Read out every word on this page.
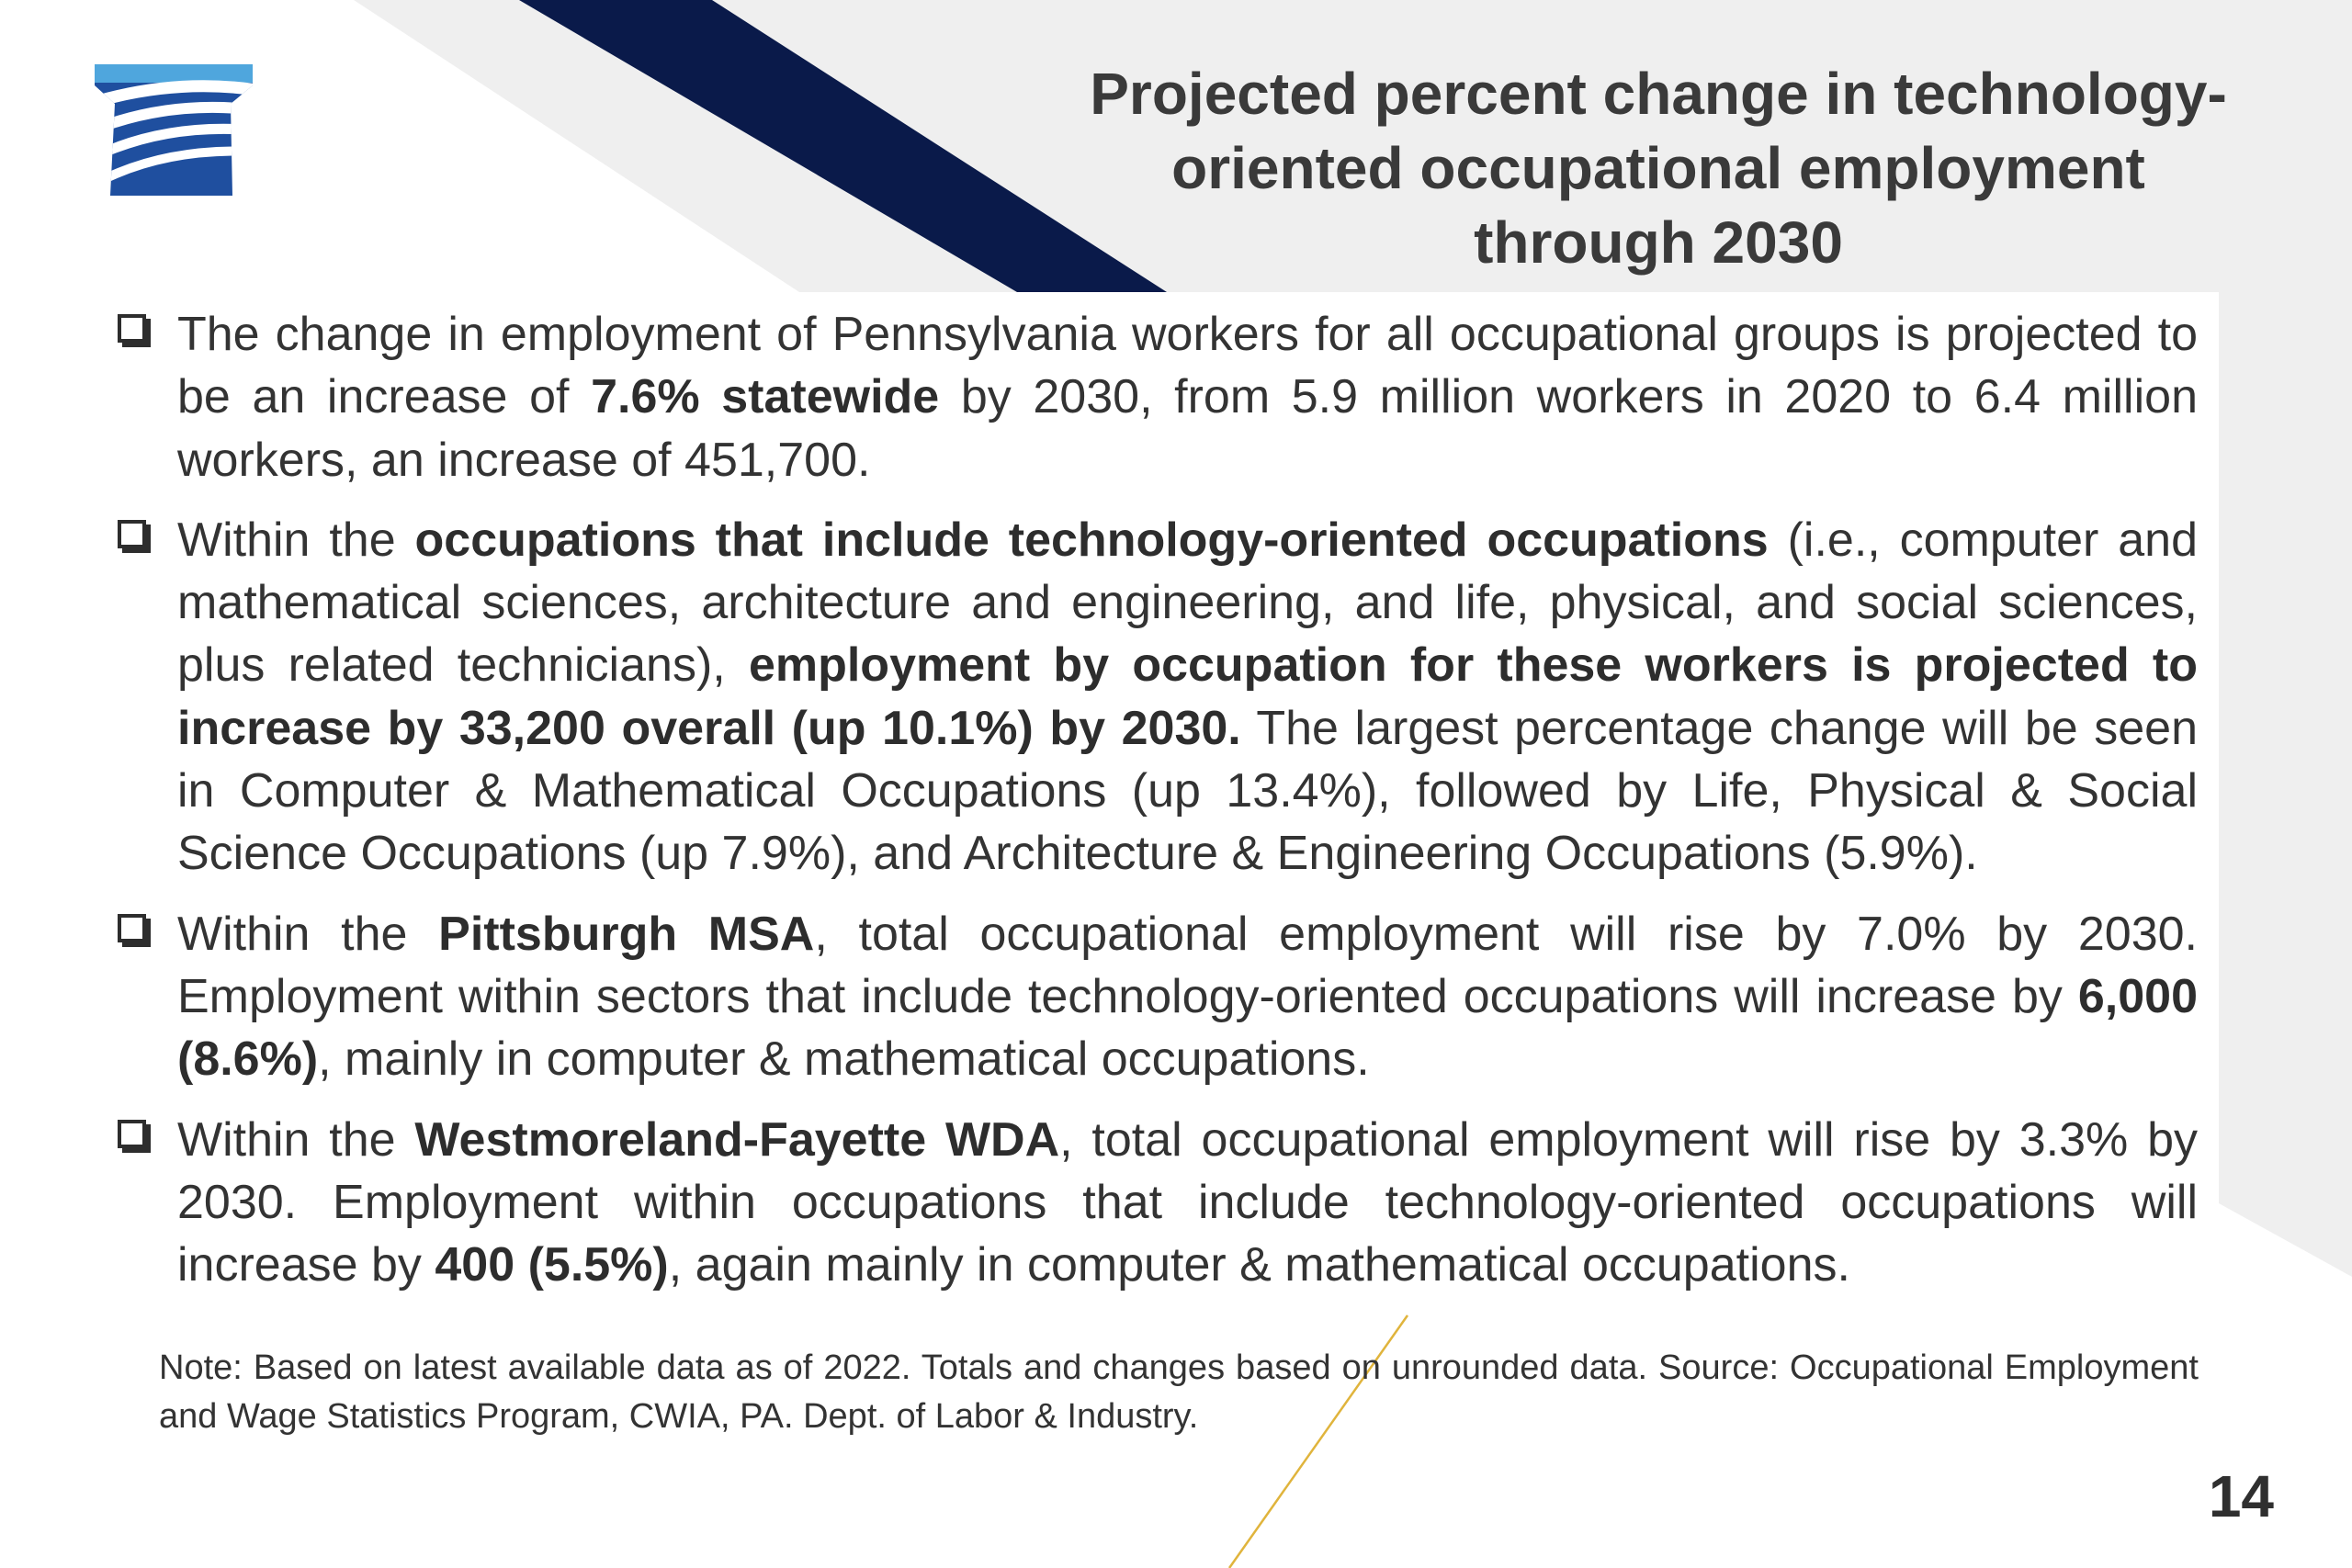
Projected percent change in technology-
oriented occupational employment
through 2030
The change in employment of Pennsylvania workers for all occupational groups is projected to be an increase of 7.6% statewide by 2030, from 5.9 million workers in 2020 to 6.4 million workers, an increase of 451,700.
Within the occupations that include technology-oriented occupations (i.e., computer and mathematical sciences, architecture and engineering, and life, physical, and social sciences, plus related technicians), employment by occupation for these workers is projected to increase by 33,200 overall (up 10.1%) by 2030. The largest percentage change will be seen in Computer & Mathematical Occupations (up 13.4%), followed by Life, Physical & Social Science Occupations (up 7.9%), and Architecture & Engineering Occupations (5.9%).
Within the Pittsburgh MSA, total occupational employment will rise by 7.0% by 2030. Employment within sectors that include technology-oriented occupations will increase by 6,000 (8.6%), mainly in computer & mathematical occupations.
Within the Westmoreland-Fayette WDA, total occupational employment will rise by 3.3% by 2030. Employment within occupations that include technology-oriented occupations will increase by 400 (5.5%), again mainly in computer & mathematical occupations.

Note: Based on latest available data as of 2022. Totals and changes based on unrounded data. Source: Occupational Employment and Wage Statistics Program, CWIA, PA. Dept. of Labor & Industry.

14
